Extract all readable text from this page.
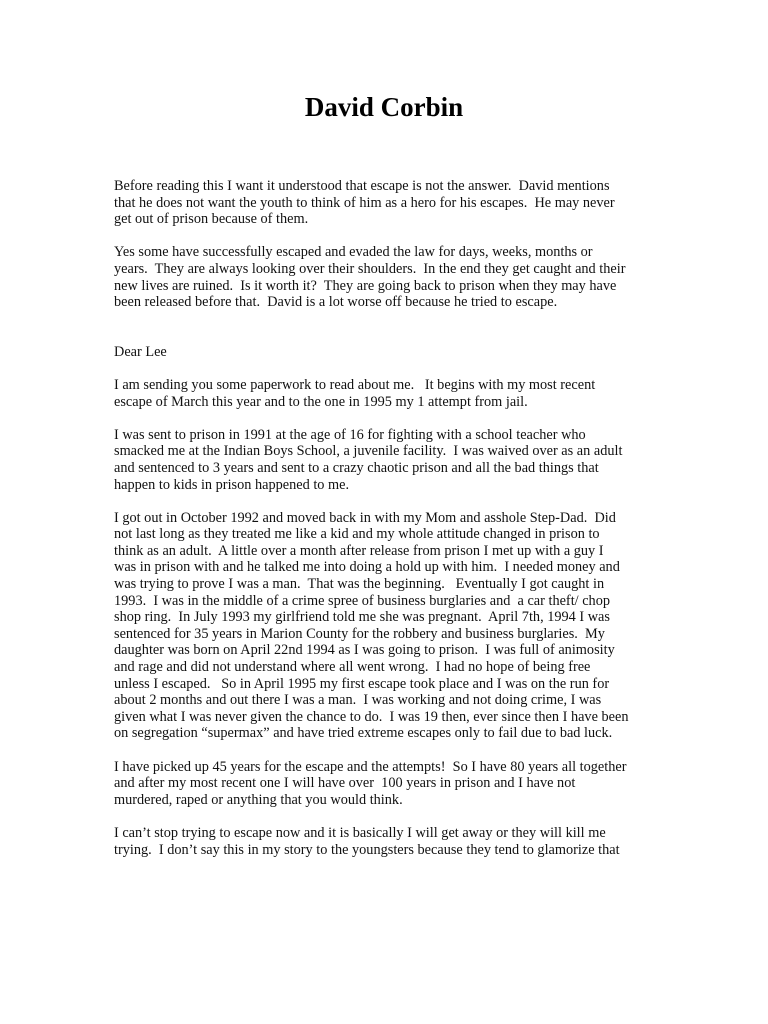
David Corbin

Before reading this I want it understood that escape is not the answer.  David mentions
that he does not want the youth to think of him as a hero for his escapes.  He may never
get out of prison because of them.

Yes some have successfully escaped and evaded the law for days, weeks, months or
years.  They are always looking over their shoulders.  In the end they get caught and their
new lives are ruined.  Is it worth it?  They are going back to prison when they may have
been released before that.  David is a lot worse off because he tried to escape.

Dear Lee

I am sending you some paperwork to read about me.   It begins with my most recent
escape of March this year and to the one in 1995 my 1 attempt from jail.

I was sent to prison in 1991 at the age of 16 for fighting with a school teacher who
smacked me at the Indian Boys School, a juvenile facility.  I was waived over as an adult
and sentenced to 3 years and sent to a crazy chaotic prison and all the bad things that
happen to kids in prison happened to me.

I got out in October 1992 and moved back in with my Mom and asshole Step-Dad.  Did
not last long as they treated me like a kid and my whole attitude changed in prison to
think as an adult.  A little over a month after release from prison I met up with a guy I
was in prison with and he talked me into doing a hold up with him.  I needed money and
was trying to prove I was a man.  That was the beginning.   Eventually I got caught in
1993.  I was in the middle of a crime spree of business burglaries and  a car theft/ chop
shop ring.  In July 1993 my girlfriend told me she was pregnant.  April 7th, 1994 I was
sentenced for 35 years in Marion County for the robbery and business burglaries.  My
daughter was born on April 22nd 1994 as I was going to prison.  I was full of animosity
and rage and did not understand where all went wrong.  I had no hope of being free
unless I escaped.   So in April 1995 my first escape took place and I was on the run for
about 2 months and out there I was a man.  I was working and not doing crime, I was
given what I was never given the chance to do.  I was 19 then, ever since then I have been
on segregation “supermax” and have tried extreme escapes only to fail due to bad luck.

I have picked up 45 years for the escape and the attempts!  So I have 80 years all together
and after my most recent one I will have over  100 years in prison and I have not
murdered, raped or anything that you would think.

I can’t stop trying to escape now and it is basically I will get away or they will kill me
trying.  I don’t say this in my story to the youngsters because they tend to glamorize that
